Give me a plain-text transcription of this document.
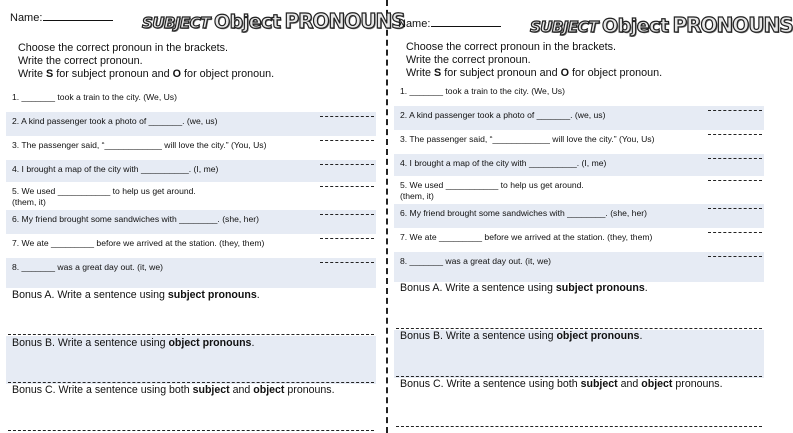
Name:	SUBJECT Object PRONOUNS
Choose the correct pronoun in the brackets.
Write the correct pronoun.
Write S for subject pronoun and O for object pronoun.
1. _______ took a train to the city. (We, Us)
2. A kind passenger took a photo of _______. (we, us)
3. The passenger said, “____________ will love the city.” (You, Us)
4. I brought a map of the city with __________. (I, me)
5. We used ___________ to help us get around.
(them, it)
6. My friend brought some sandwiches with ________. (she, her)
7. We ate _________ before we arrived at the station. (they, them)
8. _______ was a great day out. (it, we)
Bonus A. Write a sentence using subject pronouns.
Bonus B. Write a sentence using object pronouns.
Bonus C. Write a sentence using both subject and object pronouns.
Name:	SUBJECT Object PRONOUNS
Choose the correct pronoun in the brackets.
Write the correct pronoun.
Write S for subject pronoun and O for object pronoun.
1. _______ took a train to the city. (We, Us)
2. A kind passenger took a photo of _______. (we, us)
3. The passenger said, “____________ will love the city.” (You, Us)
4. I brought a map of the city with __________. (I, me)
5. We used ___________ to help us get around.
(them, it)
6. My friend brought some sandwiches with ________. (she, her)
7. We ate _________ before we arrived at the station. (they, them)
8. _______ was a great day out. (it, we)
Bonus A. Write a sentence using subject pronouns.
Bonus B. Write a sentence using object pronouns.
Bonus C. Write a sentence using both subject and object pronouns.
